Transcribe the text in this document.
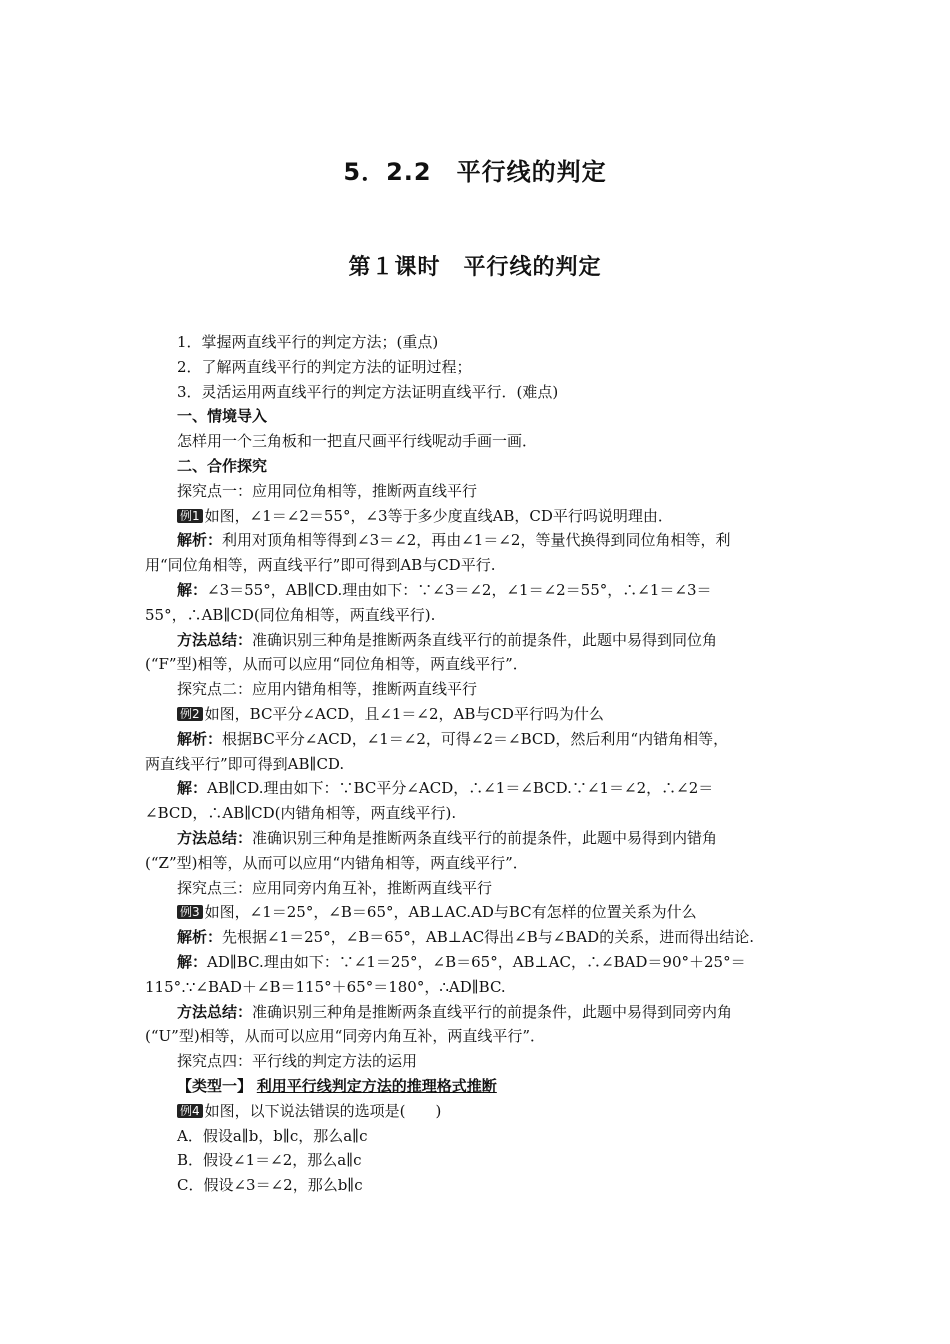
5．2.2　平行线的判定
第１课时　平行线的判定
1．掌握两直线平行的判定方法；(重点)
2．了解两直线平行的判定方法的证明过程；
3．灵活运用两直线平行的判定方法证明直线平行．(难点)
一、情境导入
怎样用一个三角板和一把直尺画平行线呢动手画一画．
二、合作探究
探究点一：应用同位角相等，推断两直线平行
例1 如图，∠1＝∠2＝55°，∠3等于多少度直线AB，CD平行吗说明理由．
解析：利用对顶角相等得到∠3＝∠2，再由∠1＝∠2，等量代换得到同位角相等，利
用“同位角相等，两直线平行”即可得到AB与CD平行.
解：∠3＝55°，AB∥CD.理由如下：∵∠3＝∠2，∠1＝∠2＝55°，∴∠1＝∠3＝
55°，∴AB∥CD(同位角相等，两直线平行).
方法总结：准确识别三种角是推断两条直线平行的前提条件，此题中易得到同位角
(“F”型)相等，从而可以应用“同位角相等，两直线平行”．
探究点二：应用内错角相等，推断两直线平行
例2 如图，BC平分∠ACD，且∠1＝∠2，AB与CD平行吗为什么
解析：根据BC平分∠ACD，∠1＝∠2，可得∠2＝∠BCD，然后利用“内错角相等，
两直线平行”即可得到AB∥CD.
解：AB∥CD.理由如下：∵BC平分∠ACD，∴∠1＝∠BCD.∵∠1＝∠2，∴∠2＝
∠BCD，∴AB∥CD(内错角相等，两直线平行).
方法总结：准确识别三种角是推断两条直线平行的前提条件，此题中易得到内错角
(“Z”型)相等，从而可以应用“内错角相等，两直线平行”．
探究点三：应用同旁内角互补，推断两直线平行
例3 如图，∠1＝25°，∠B＝65°，AB⊥AC.AD与BC有怎样的位置关系为什么
解析：先根据∠1＝25°，∠B＝65°，AB⊥AC得出∠B与∠BAD的关系，进而得出结论.
解：AD∥BC.理由如下：∵∠1＝25°，∠B＝65°，AB⊥AC，∴∠BAD＝90°＋25°＝
115°.∵∠BAD＋∠B＝115°＋65°＝180°，∴AD∥BC.
方法总结：准确识别三种角是推断两条直线平行的前提条件，此题中易得到同旁内角
(“U”型)相等，从而可以应用“同旁内角互补，两直线平行”．
探究点四：平行线的判定方法的运用
【类型一】 利用平行线判定方法的推理格式推断
例4 如图，以下说法错误的选项是(　　)
A．假设a∥b，b∥c，那么a∥c
B．假设∠1＝∠2，那么a∥c
C．假设∠3＝∠2，那么b∥c
